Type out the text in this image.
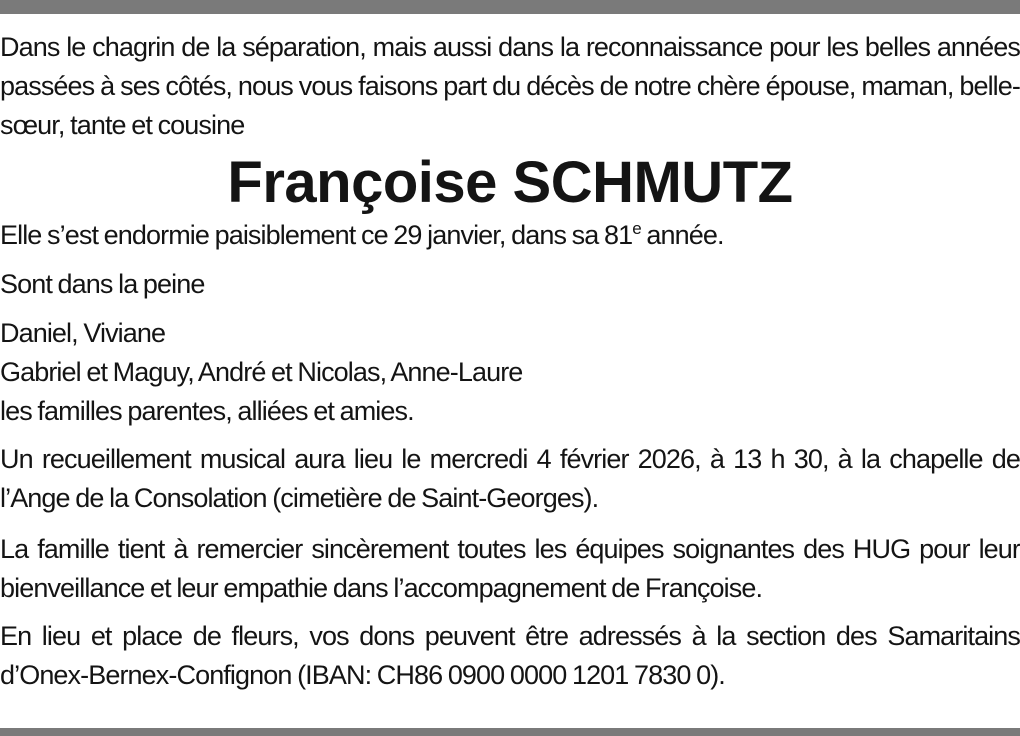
Dans le chagrin de la séparation, mais aussi dans la reconnaissance pour les belles années passées à ses côtés, nous vous faisons part du décès de notre chère épouse, maman, belle-sœur, tante et cousine

Françoise SCHMUTZ

Elle s’est endormie paisiblement ce 29 janvier, dans sa 81e année.

Sont dans la peine

Daniel, Viviane
Gabriel et Maguy, André et Nicolas, Anne-Laure
les familles parentes, alliées et amies.

Un recueillement musical aura lieu le mercredi 4 février 2026, à 13 h 30, à la chapelle de l’Ange de la Consolation (cimetière de Saint-Georges).

La famille tient à remercier sincèrement toutes les équipes soignantes des HUG pour leur bienveillance et leur empathie dans l’accompagnement de Françoise.

En lieu et place de fleurs, vos dons peuvent être adressés à la section des Samaritains d’Onex-Bernex-Confignon (IBAN: CH86 0900 0000 1201 7830 0).
